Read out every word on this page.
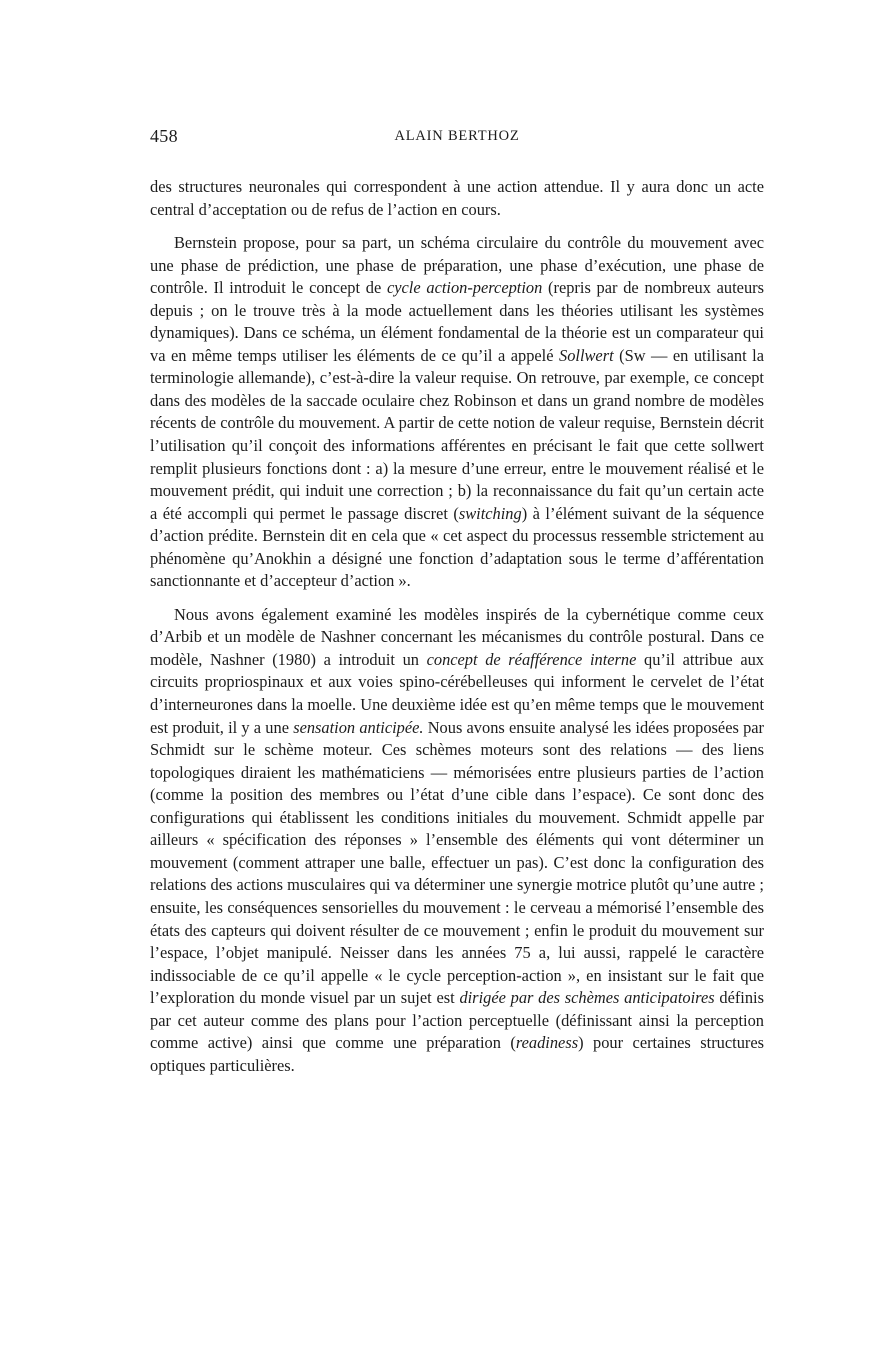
458	ALAIN BERTHOZ

des structures neuronales qui correspondent à une action attendue. Il y aura donc un acte central d’acceptation ou de refus de l’action en cours.

Bernstein propose, pour sa part, un schéma circulaire du contrôle du mouvement avec une phase de prédiction, une phase de préparation, une phase d’exécution, une phase de contrôle. Il introduit le concept de cycle action-perception (repris par de nombreux auteurs depuis ; on le trouve très à la mode actuellement dans les théories utilisant les systèmes dynamiques). Dans ce schéma, un élément fondamental de la théorie est un comparateur qui va en même temps utiliser les éléments de ce qu’il a appelé Sollwert (Sw — en utilisant la terminologie allemande), c’est-à-dire la valeur requise. On retrouve, par exemple, ce concept dans des modèles de la saccade oculaire chez Robinson et dans un grand nombre de modèles récents de contrôle du mouvement. A partir de cette notion de valeur requise, Bernstein décrit l’utilisation qu’il conçoit des informations afférentes en précisant le fait que cette sollwert remplit plusieurs fonctions dont : a) la mesure d’une erreur, entre le mouvement réalisé et le mouvement prédit, qui induit une correction ; b) la reconnaissance du fait qu’un certain acte a été accompli qui permet le passage discret (switching) à l’élément suivant de la séquence d’action prédite. Bernstein dit en cela que « cet aspect du processus ressemble strictement au phénomène qu’Anokhin a désigné une fonction d’adaptation sous le terme d’afférentation sanctionnante et d’accepteur d’action ».

Nous avons également examiné les modèles inspirés de la cybernétique comme ceux d’Arbib et un modèle de Nashner concernant les mécanismes du contrôle postural. Dans ce modèle, Nashner (1980) a introduit un concept de réafférence interne qu’il attribue aux circuits propriospinaux et aux voies spino-cérébelleuses qui informent le cervelet de l’état d’interneurones dans la moelle. Une deuxième idée est qu’en même temps que le mouvement est produit, il y a une sensation anticipée. Nous avons ensuite analysé les idées proposées par Schmidt sur le schème moteur. Ces schèmes moteurs sont des relations — des liens topologiques diraient les mathématiciens — mémorisées entre plusieurs parties de l’action (comme la position des membres ou l’état d’une cible dans l’espace). Ce sont donc des configurations qui établissent les conditions initiales du mouvement. Schmidt appelle par ailleurs « spécification des réponses » l’ensemble des éléments qui vont déterminer un mouvement (comment attraper une balle, effectuer un pas). C’est donc la configuration des relations des actions musculaires qui va déterminer une synergie motrice plutôt qu’une autre ; ensuite, les conséquences sensorielles du mouvement : le cerveau a mémorisé l’ensemble des états des capteurs qui doivent résulter de ce mouvement ; enfin le produit du mouvement sur l’espace, l’objet manipulé. Neisser dans les années 75 a, lui aussi, rappelé le caractère indissociable de ce qu’il appelle « le cycle perception-action », en insistant sur le fait que l’exploration du monde visuel par un sujet est dirigée par des schèmes anticipatoires définis par cet auteur comme des plans pour l’action perceptuelle (définissant ainsi la perception comme active) ainsi que comme une préparation (readiness) pour certaines structures optiques particulières.
